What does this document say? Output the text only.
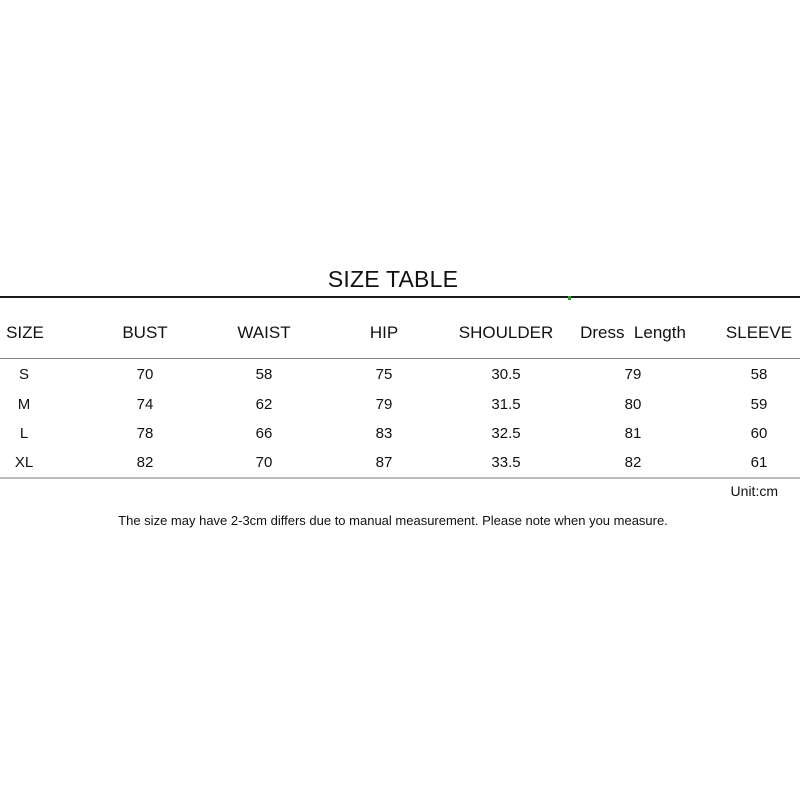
SIZE TABLE
SIZE	BUST	WAIST	HIP	SHOULDER	Dress  Length	SLEEVE
S	70	58	75	30.5	79	58
M	74	62	79	31.5	80	59
L	78	66	83	32.5	81	60
XL	82	70	87	33.5	82	61
Unit:cm
The size may have 2-3cm differs due to manual measurement. Please note when you measure.
